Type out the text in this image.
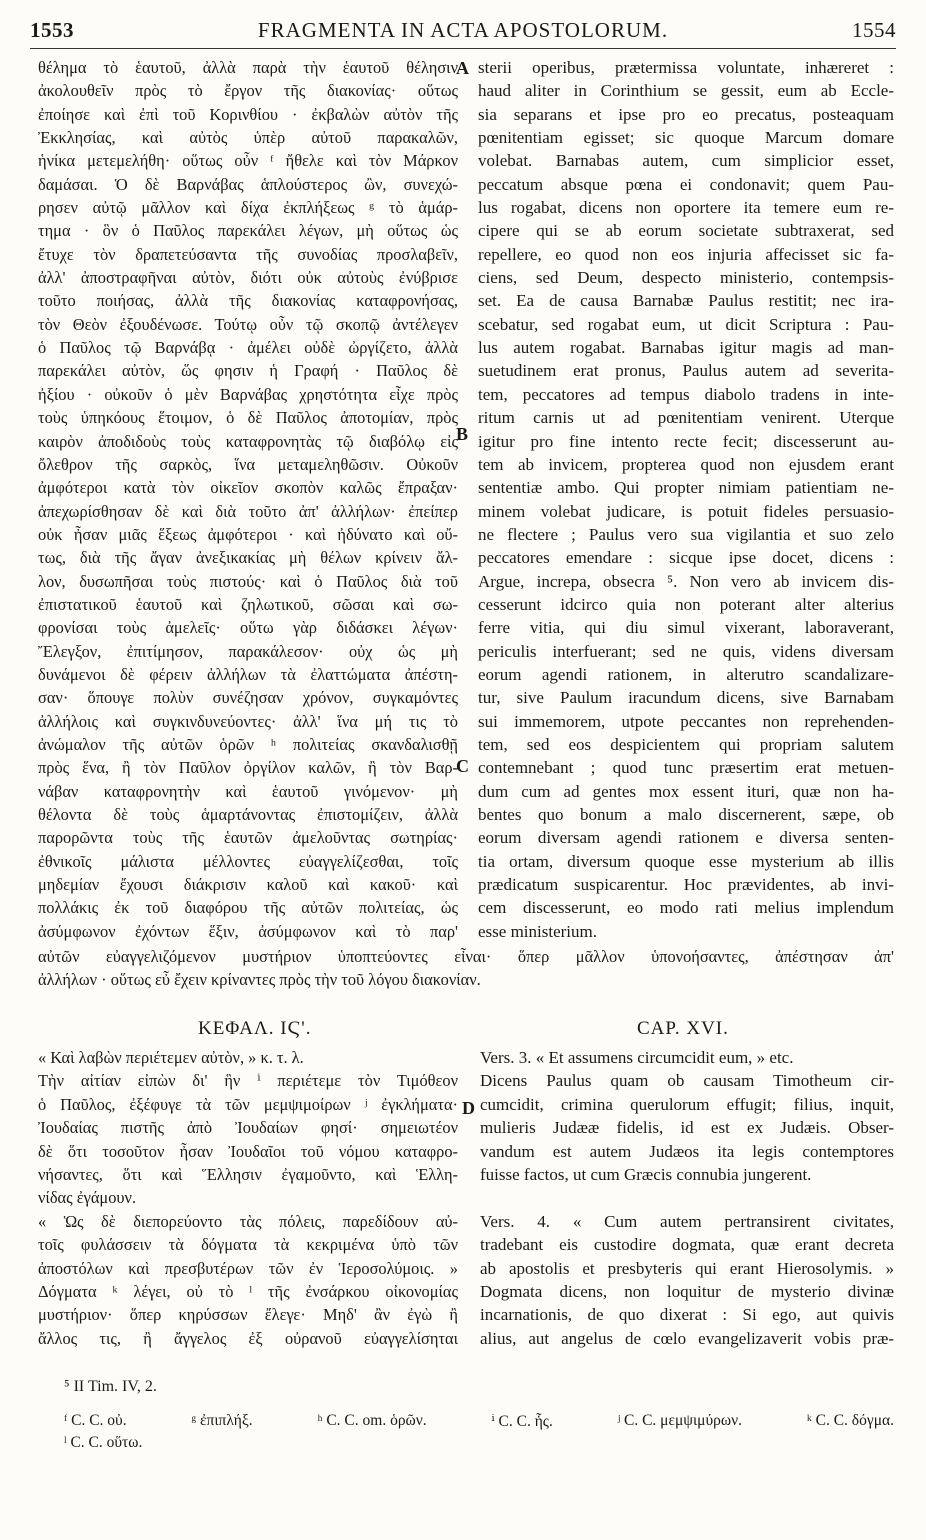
1553	FRAGMENTA IN ACTA APOSTOLORUM.	1554
θέλημα τὸ ἑαυτοῦ, ἀλλὰ παρὰ τὴν ἑαυτοῦ θέλησιν
ἀκολουθεῖν πρὸς τὸ ἔργον τῆς διακονίας· οὕτως
ἐποίησε καὶ ἐπὶ τοῦ Κορινθίου · ἐκβαλὼν αὐτὸν τῆς
Ἐκκλησίας, καὶ αὐτὸς ὑπὲρ αὐτοῦ παρακαλῶν,
ἡνίκα μετεμελήθη· οὕτως οὖν ᶠ ἤθελε καὶ τὸν Μάρκον
δαμάσαι. Ὁ δὲ Βαρνάβας ἁπλούστερος ὢν, συνεχώ-
ρησεν αὐτῷ μᾶλλον καὶ δίχα ἐκπλήξεως ᵍ τὸ ἁμάρ-
τημα · ὃν ὁ Παῦλος παρεκάλει λέγων, μὴ οὕτως ὡς
ἔτυχε τὸν δραπετεύσαντα τῆς συνοδίας προσλαβεῖν,
ἀλλ' ἀποστραφῆναι αὐτὸν, διότι οὐκ αὐτοὺς ἐνύβρισε
τοῦτο ποιήσας, ἀλλὰ τῆς διακονίας καταφρονήσας,
τὸν Θεὸν ἐξουδένωσε. Τούτῳ οὖν τῷ σκοπῷ ἀντέλεγεν
ὁ Παῦλος τῷ Βαρνάβᾳ · ἀμέλει οὐδὲ ὠργίζετο, ἀλλὰ
παρεκάλει αὐτὸν, ὥς φησιν ἡ Γραφή · Παῦλος δὲ
ἠξίου · οὐκοῦν ὁ μὲν Βαρνάβας χρηστότητα εἶχε πρὸς
τοὺς ὑπηκόους ἕτοιμον, ὁ δὲ Παῦλος ἀποτομίαν, πρὸς
καιρὸν ἀποδιδοὺς τοὺς καταφρονητὰς τῷ διαβόλῳ εἰς
ὄλεθρον τῆς σαρκὸς, ἵνα μεταμεληθῶσιν. Οὐκοῦν
ἀμφότεροι κατὰ τὸν οἰκεῖον σκοπὸν καλῶς ἔπραξαν·
ἀπεχωρίσθησαν δὲ καὶ διὰ τοῦτο ἀπ' ἀλλήλων· ἐπείπερ
οὐκ ἦσαν μιᾶς ἕξεως ἀμφότεροι · καὶ ἠδύνατο καὶ οὔ-
τως, διὰ τῆς ἄγαν ἀνεξικακίας μὴ θέλων κρίνειν ἄλ-
λον, δυσωπῆσαι τοὺς πιστούς· καὶ ὁ Παῦλος διὰ τοῦ
ἐπιστατικοῦ ἑαυτοῦ καὶ ζηλωτικοῦ, σῶσαι καὶ σω-
φρονίσαι τοὺς ἀμελεῖς· οὕτω γὰρ διδάσκει λέγων·
Ἔλεγξον, ἐπιτίμησον, παρακάλεσον· οὐχ ὡς μὴ
δυνάμενοι δὲ φέρειν ἀλλήλων τὰ ἐλαττώματα ἀπέστη-
σαν· ὅπουγε πολὺν συνέζησαν χρόνον, συγκαμόντες
ἀλλήλοις καὶ συγκινδυνεύοντες· ἀλλ' ἵνα μή τις τὸ
ἀνώμαλον τῆς αὐτῶν ὁρῶν ʰ πολιτείας σκανδαλισθῇ
πρὸς ἕνα, ἢ τὸν Παῦλον ὀργίλον καλῶν, ἢ τὸν Βαρ-
νάβαν καταφρονητὴν καὶ ἑαυτοῦ γινόμενον· μὴ
θέλοντα δὲ τοὺς ἁμαρτάνοντας ἐπιστομίζειν, ἀλλὰ
παρορῶντα τοὺς τῆς ἑαυτῶν ἀμελοῦντας σωτηρίας·
ἐθνικοῖς μάλιστα μέλλοντες εὐαγγελίζεσθαι, τοῖς
μηδεμίαν ἔχουσι διάκρισιν καλοῦ καὶ κακοῦ· καὶ
πολλάκις ἐκ τοῦ διαφόρου τῆς αὐτῶν πολιτείας, ὡς
ἀσύμφωνον ἐχόντων ἕξιν, ἀσύμφωνον καὶ τὸ παρ'
sterii operibus, prætermissa voluntate, inhæreret :
haud aliter in Corinthium se gessit, eum ab Eccle-
sia separans et ipse pro eo precatus, posteaquam
pœnitentiam egisset; sic quoque Marcum domare
volebat. Barnabas autem, cum simplicior esset,
peccatum absque pœna ei condonavit; quem Pau-
lus rogabat, dicens non oportere ita temere eum re-
cipere qui se ab eorum societate subtraxerat, sed
repellere, eo quod non eos injuria affecisset sic fa-
ciens, sed Deum, despecto ministerio, contempsis-
set. Ea de causa Barnabæ Paulus restitit; nec ira-
scebatur, sed rogabat eum, ut dicit Scriptura : Pau-
lus autem rogabat. Barnabas igitur magis ad man-
suetudinem erat pronus, Paulus autem ad severita-
tem, peccatores ad tempus diabolo tradens in inte-
ritum carnis ut ad pœnitentiam venirent. Uterque
igitur pro fine intento recte fecit; discesserunt au-
tem ab invicem, propterea quod non ejusdem erant
sententiæ ambo. Qui propter nimiam patientiam ne-
minem volebat judicare, is potuit fideles persuasio-
ne flectere ; Paulus vero sua vigilantia et suo zelo
peccatores emendare : sicque ipse docet, dicens :
Argue, increpa, obsecra ⁵. Non vero ab invicem dis-
cesserunt idcirco quia non poterant alter alterius
ferre vitia, qui diu simul vixerant, laboraverant,
periculis interfuerant; sed ne quis, videns diversam
eorum agendi rationem, in alterutro scandalizare-
tur, sive Paulum iracundum dicens, sive Barnabam
sui immemorem, utpote peccantes non reprehenden-
tem, sed eos despicientem qui propriam salutem
contemnebant ; quod tunc præsertim erat metuen-
dum cum ad gentes mox essent ituri, quæ non ha-
bentes quo bonum a malo discernerent, sæpe, ob
eorum diversam agendi rationem e diversa senten-
tia ortam, diversum quoque esse mysterium ab illis
prædicatum suspicarentur. Hoc prævidentes, ab invi-
cem discesserunt, eo modo rati melius implendum
esse ministerium.
A
B
C
D
αὐτῶν εὐαγγελιζόμενον μυστήριον ὑποπτεύοντες εἶναι· ὅπερ μᾶλλον ὑπονοήσαντες, ἀπέστησαν ἀπ'
ἀλλήλων · οὕτως εὖ ἔχειν κρίναντες πρὸς τὴν τοῦ λόγου διακονίαν.
ΚΕΦΑΛ. ΙϚ'.	CAP. XVI.
« Καὶ λαβὼν περιέτεμεν αὐτὸν, » κ. τ. λ.
Τὴν αἰτίαν εἰπὼν δι' ἣν ⁱ περιέτεμε τὸν Τιμόθεον
ὁ Παῦλος, ἐξέφυγε τὰ τῶν μεμψιμοίρων ʲ ἐγκλήματα·
Ἰουδαίας πιστῆς ἀπὸ Ἰουδαίων φησί· σημειωτέον
δὲ ὅτι τοσοῦτον ἦσαν Ἰουδαῖοι τοῦ νόμου καταφρο-
νήσαντες, ὅτι καὶ Ἕλλησιν ἐγαμοῦντο, καὶ Ἑλλη-
νίδας ἐγάμουν.
« Ὡς δὲ διεπορεύοντο τὰς πόλεις, παρεδίδουν αὐ-
τοῖς φυλάσσειν τὰ δόγματα τὰ κεκριμένα ὑπὸ τῶν
ἀποστόλων καὶ πρεσβυτέρων τῶν ἐν Ἱεροσολύμοις. »
Δόγματα ᵏ λέγει, οὐ τὸ ˡ τῆς ἐνσάρκου οἰκονομίας
μυστήριον· ὅπερ κηρύσσων ἔλεγε· Μηδ' ἂν ἐγὼ ἢ
ἄλλος τις, ἢ ἄγγελος ἐξ οὐρανοῦ εὐαγγελίσηται
Vers. 3. « Et assumens circumcidit eum, » etc.
Dicens Paulus quam ob causam Timotheum cir-
cumcidit, crimina querulorum effugit; filius, inquit,
mulieris Judææ fidelis, id est ex Judæis. Obser-
vandum est autem Judæos ita legis contemptores
fuisse factos, ut cum Græcis connubia jungerent.

Vers. 4. « Cum autem pertransirent civitates,
tradebant eis custodire dogmata, quæ erant decreta
ab apostolis et presbyteris qui erant Hierosolymis. »
Dogmata dicens, non loquitur de mysterio divinæ
incarnationis, de quo dixerat : Si ego, aut quivis
alius, aut angelus de cœlo evangelizaverit vobis præ-
⁵ II Tim. IV, 2.
ᶠ C. C. οὐ.	ᵍ ἐπιπλήξ.	ʰ C. C. om. ὁρῶν.	ⁱ C. C. ἧς.	ʲ C. C. μεμψιμύρων.	ᵏ C. C. δόγμα.
ˡ C. C. οὕτω.
